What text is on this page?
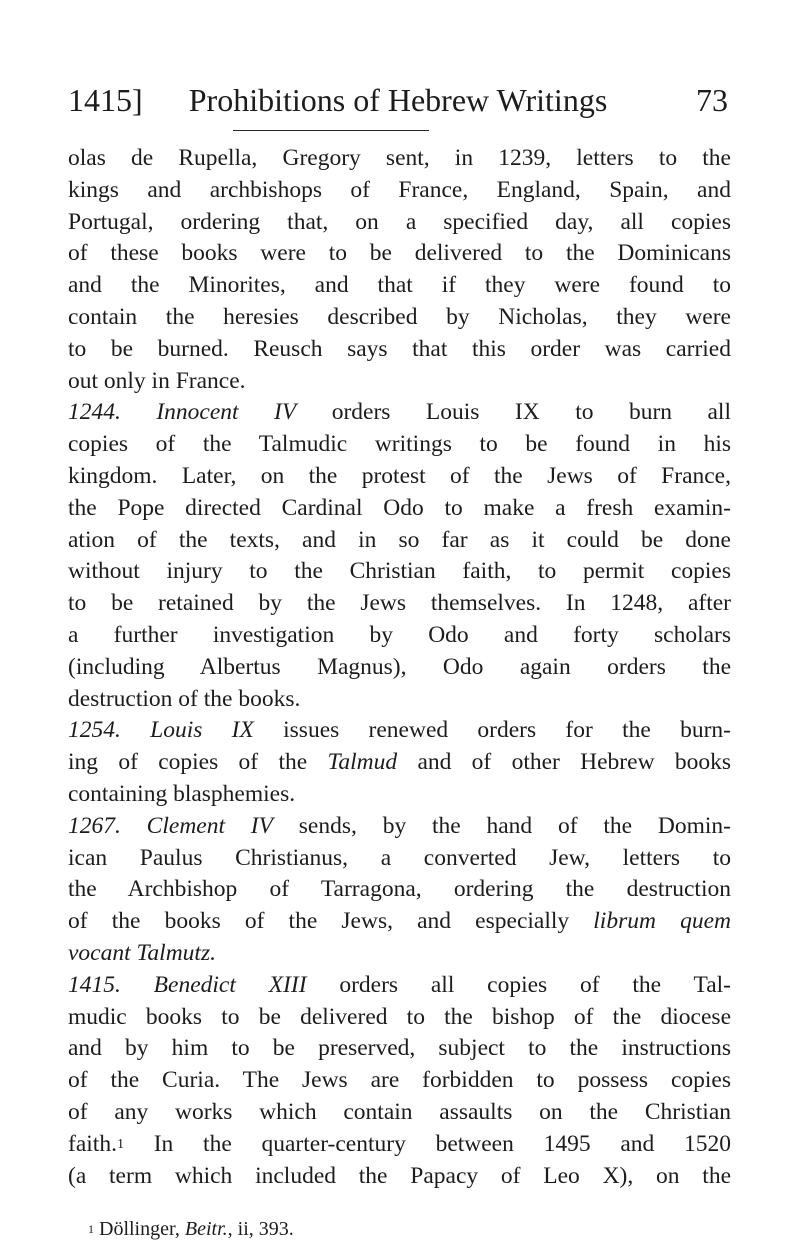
1415]	Prohibitions of Hebrew Writings	73
olas de Rupella, Gregory sent, in 1239, letters to the
kings and archbishops of France, England, Spain, and
Portugal, ordering that, on a specified day, all copies
of these books were to be delivered to the Dominicans
and the Minorites, and that if they were found to
contain the heresies described by Nicholas, they were
to be burned. Reusch says that this order was carried
out only in France.
1244. Innocent IV orders Louis IX to burn all
copies of the Talmudic writings to be found in his
kingdom. Later, on the protest of the Jews of France,
the Pope directed Cardinal Odo to make a fresh examin-
ation of the texts, and in so far as it could be done
without injury to the Christian faith, to permit copies
to be retained by the Jews themselves. In 1248, after
a further investigation by Odo and forty scholars
(including Albertus Magnus), Odo again orders the
destruction of the books.
1254. Louis IX issues renewed orders for the burn-
ing of copies of the Talmud and of other Hebrew books
containing blasphemies.
1267. Clement IV sends, by the hand of the Domin-
ican Paulus Christianus, a converted Jew, letters to
the Archbishop of Tarragona, ordering the destruction
of the books of the Jews, and especially librum quem
vocant Talmutz.
1415. Benedict XIII orders all copies of the Tal-
mudic books to be delivered to the bishop of the diocese
and by him to be preserved, subject to the instructions
of the Curia. The Jews are forbidden to possess copies
of any works which contain assaults on the Christian
faith.$^1$ In the quarter-century between 1495 and 1520
(a term which included the Papacy of Leo X), on the
$^1$ Döllinger, Beitr., ii, 393.
